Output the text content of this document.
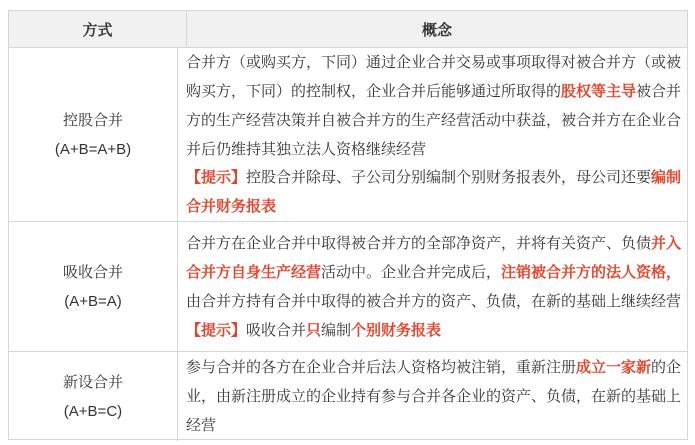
方式	概念
控股合并
(A+B=A+B)
合并方（或购买方，下同）通过企业合并交易或事项取得对被合并方（或被
购买方，下同）的控制权，企业合并后能够通过所取得的股权等主导被合并
方的生产经营决策并自被合并方的生产经营活动中获益，被合并方在企业合
并后仍维持其独立法人资格继续经营
【提示】控股合并除母、子公司分别编制个别财务报表外，母公司还要编制
合并财务报表
吸收合并
(A+B=A)
合并方在企业合并中取得被合并方的全部净资产，并将有关资产、负债并入
合并方自身生产经营活动中。企业合并完成后，注销被合并方的法人资格，
由合并方持有合并中取得的被合并方的资产、负债，在新的基础上继续经营
【提示】吸收合并只编制个别财务报表
新设合并
(A+B=C)
参与合并的各方在企业合并后法人资格均被注销，重新注册成立一家新的企
业，由新注册成立的企业持有参与合并各企业的资产、负债，在新的基础上
经营
